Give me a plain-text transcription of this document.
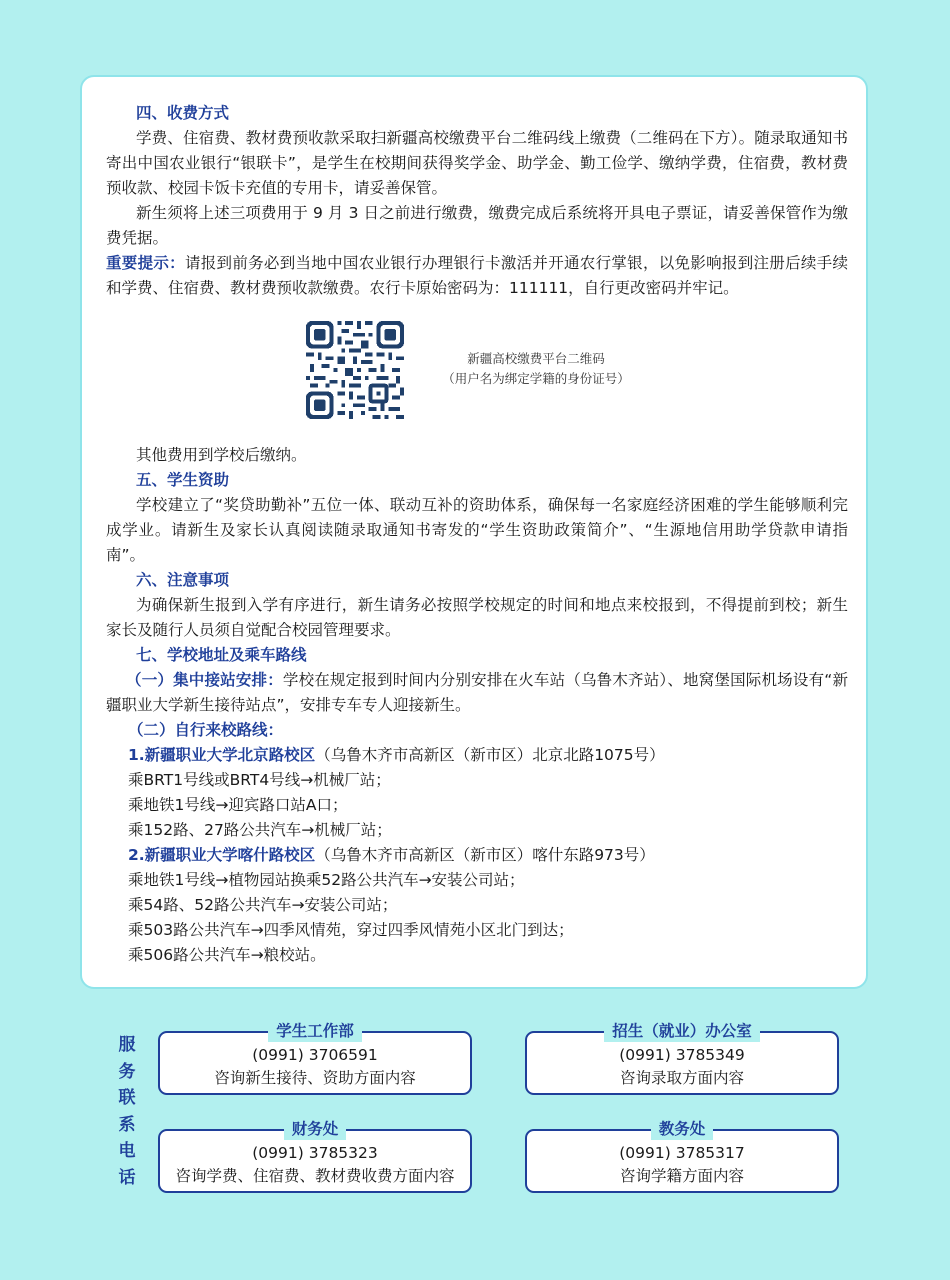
四、收费方式
学费、住宿费、教材费预收款采取扫新疆高校缴费平台二维码线上缴费（二维码在下方）。随录取通知书寄出中国农业银行“银联卡”，是学生在校期间获得奖学金、助学金、勤工俭学、缴纳学费，住宿费，教材费预收款、校园卡饭卡充值的专用卡，请妥善保管。
新生须将上述三项费用于 9 月 3 日之前进行缴费，缴费完成后系统将开具电子票证，请妥善保管作为缴费凭据。
重要提示：请报到前务必到当地中国农业银行办理银行卡激活并开通农行掌银，以免影响报到注册后续手续和学费、住宿费、教材费预收款缴费。农行卡原始密码为：111111，自行更改密码并牢记。
新疆高校缴费平台二维码
（用户名为绑定学籍的身份证号）
其他费用到学校后缴纳。
五、学生资助
学校建立了“奖贷助勤补”五位一体、联动互补的资助体系，确保每一名家庭经济困难的学生能够顺利完成学业。请新生及家长认真阅读随录取通知书寄发的“学生资助政策简介”、“生源地信用助学贷款申请指南”。
六、注意事项
为确保新生报到入学有序进行，新生请务必按照学校规定的时间和地点来校报到，不得提前到校；新生家长及随行人员须自觉配合校园管理要求。
七、学校地址及乘车路线
（一）集中接站安排：学校在规定报到时间内分别安排在火车站（乌鲁木齐站）、地窝堡国际机场设有“新疆职业大学新生接待站点”，安排专车专人迎接新生。
（二）自行来校路线：
1.新疆职业大学北京路校区（乌鲁木齐市高新区（新市区）北京北路1075号）
乘BRT1号线或BRT4号线→机械厂站；
乘地铁1号线→迎宾路口站A口；
乘152路、27路公共汽车→机械厂站；
2.新疆职业大学喀什路校区（乌鲁木齐市高新区（新市区）喀什东路973号）
乘地铁1号线→植物园站换乘52路公共汽车→安装公司站；
乘54路、52路公共汽车→安装公司站；
乘503路公共汽车→四季风情苑，穿过四季风情苑小区北门到达；
乘506路公共汽车→粮校站。
服
务
联
系
电
话
学生工作部
(0991) 3706591
咨询新生接待、资助方面内容
招生（就业）办公室
(0991) 3785349
咨询录取方面内容
财务处
(0991) 3785323
咨询学费、住宿费、教材费收费方面内容
教务处
(0991) 3785317
咨询学籍方面内容
